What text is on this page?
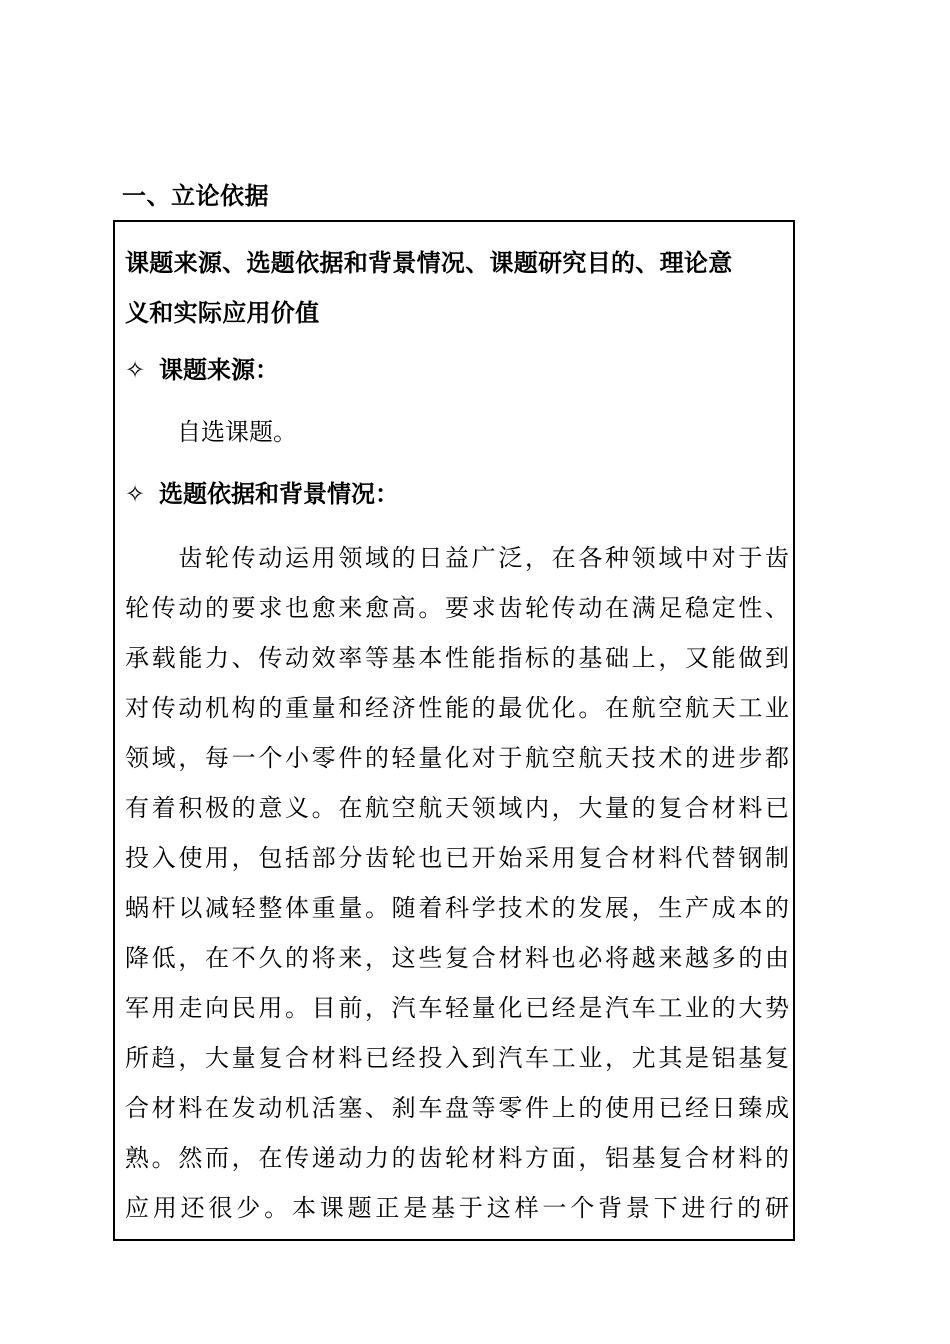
一、立论依据
课题来源、选题依据和背景情况、课题研究目的、理论意
义和实际应用价值
✧ 课题来源：
自选课题。
✧ 选题依据和背景情况：
　　齿轮传动运用领域的日益广泛，在各种领域中对于齿
轮传动的要求也愈来愈高。要求齿轮传动在满足稳定性、
承载能力、传动效率等基本性能指标的基础上，又能做到
对传动机构的重量和经济性能的最优化。在航空航天工业
领域，每一个小零件的轻量化对于航空航天技术的进步都
有着积极的意义。在航空航天领域内，大量的复合材料已
投入使用，包括部分齿轮也已开始采用复合材料代替钢制
蜗杆以减轻整体重量。随着科学技术的发展，生产成本的
降低，在不久的将来，这些复合材料也必将越来越多的由
军用走向民用。目前，汽车轻量化已经是汽车工业的大势
所趋，大量复合材料已经投入到汽车工业，尤其是铝基复
合材料在发动机活塞、刹车盘等零件上的使用已经日臻成
熟。然而，在传递动力的齿轮材料方面，铝基复合材料的
应用还很少。本课题正是基于这样一个背景下进行的研
